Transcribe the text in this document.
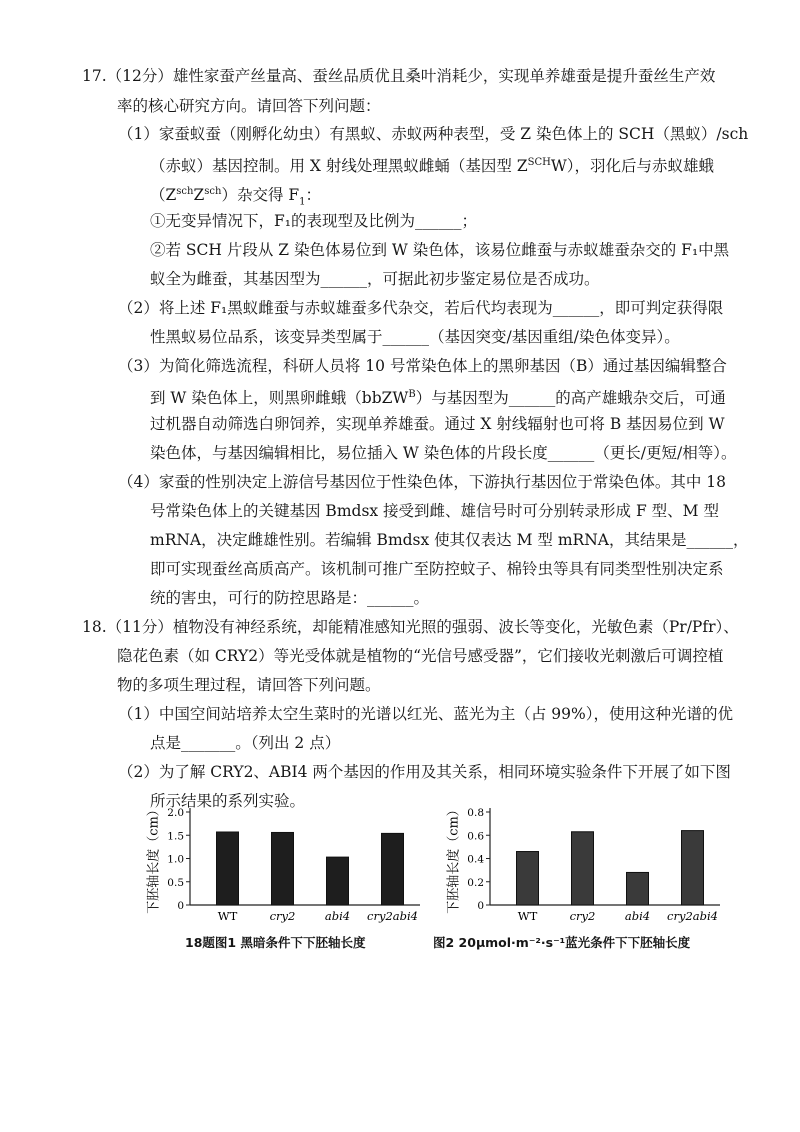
17.（12分）雄性家蚕产丝量高、蚕丝品质优且桑叶消耗少，实现单养雄蚕是提升蚕丝生产效
率的核心研究方向。请回答下列问题：
（1）家蚕蚁蚕（刚孵化幼虫）有黑蚁、赤蚁两种表型，受 Z 染色体上的 SCH（黑蚁）/sch
（赤蚁）基因控制。用 X 射线处理黑蚁雌蛹（基因型 $Z^{SCH}W$），羽化后与赤蚁雄蛾
$(Z^{sch}Z^{sch})$杂交得 $F_1$：
①无变异情况下，F₁的表现型及比例为______；
②若 SCH 片段从 Z 染色体易位到 W 染色体，该易位雌蚕与赤蚁雄蚕杂交的 F₁中黑
蚁全为雌蚕，其基因型为______，可据此初步鉴定易位是否成功。
（2）将上述 F₁黑蚁雌蚕与赤蚁雄蚕多代杂交，若后代均表现为______，即可判定获得限
性黑蚁易位品系，该变异类型属于______（基因突变/基因重组/染色体变异）。
（3）为简化筛选流程，科研人员将 10 号常染色体上的黑卵基因（B）通过基因编辑整合
到 W 染色体上，则黑卵雌蛾（bbZW$^B$）与基因型为______的高产雄蛾杂交后，可通
过机器自动筛选白卵饲养，实现单养雄蚕。通过 X 射线辐射也可将 B 基因易位到 W
染色体，与基因编辑相比，易位插入 W 染色体的片段长度______（更长/更短/相等）。
（4）家蚕的性别决定上游信号基因位于性染色体，下游执行基因位于常染色体。其中 18
号常染色体上的关键基因 Bmdsx 接受到雌、雄信号时可分别转录形成 F 型、M 型
mRNA，决定雌雄性别。若编辑 Bmdsx 使其仅表达 M 型 mRNA，其结果是______，
即可实现蚕丝高质高产。该机制可推广至防控蚊子、棉铃虫等具有同类型性别决定系
统的害虫，可行的防控思路是：______。
18.（11分）植物没有神经系统，却能精准感知光照的强弱、波长等变化，光敏色素（Pr/Pfr）、
隐花色素（如 CRY2）等光受体就是植物的“光信号感受器”，它们接收光刺激后可调控植
物的多项生理过程，请回答下列问题。
（1）中国空间站培养太空生菜时的光谱以红光、蓝光为主（占 99%），使用这种光谱的优
点是_______。（列出 2 点）
（2）为了解 CRY2、ABI4 两个基因的作用及其关系，相同环境实验条件下开展了如下图
所示结果的系列实验。
下胚轴长度（cm） 0
0.5
1.0
1.5
2.0
WT	cry2	abi4 cry2abi4
18题图1 黑暗条件下下胚轴长度
下胚轴长度（cm） 0
0.2
0.4
0.6
0.8
WT	cry2	abi4 cry2abi4
图2 20μmol·m⁻²·s⁻¹蓝光条件下下胚轴长度
